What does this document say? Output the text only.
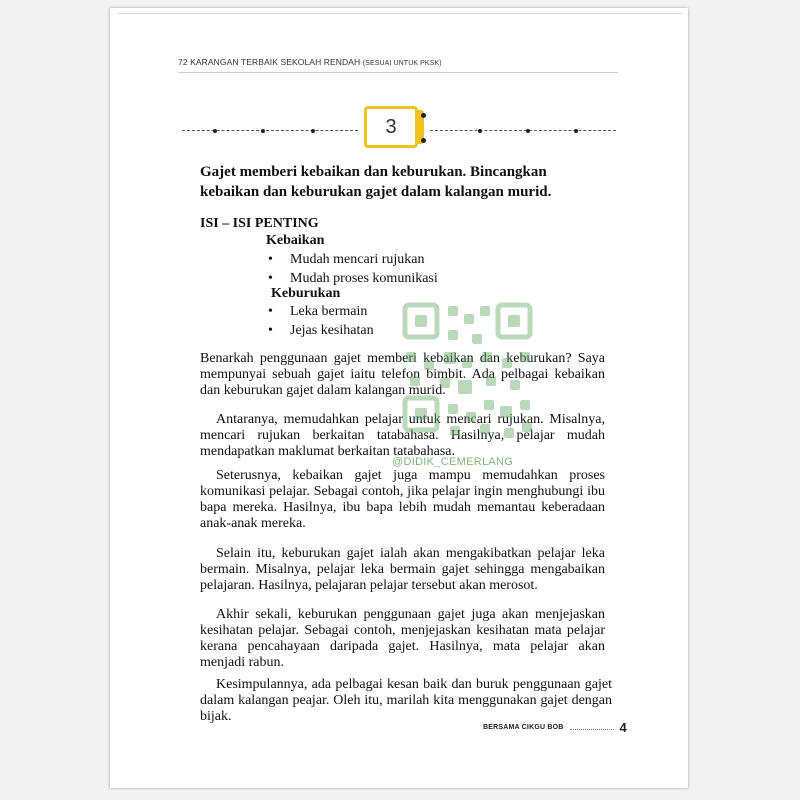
72 KARANGAN TERBAIK SEKOLAH RENDAH (SESUAI UNTUK PKSK)
3
Gajet memberi kebaikan dan keburukan. Bincangkan kebaikan dan keburukan gajet dalam kalangan murid.
ISI – ISI PENTING
Kebaikan
• Mudah mencari rujukan
• Mudah proses komunikasi
Keburukan
• Leka bermain
• Jejas kesihatan

Benarkah penggunaan gajet memberi kebaikan dan keburukan? Saya mempunyai sebuah gajet iaitu telefon bimbit. Ada pelbagai kebaikan dan keburukan gajet dalam kalangan murid.

Antaranya, memudahkan pelajar untuk mencari rujukan. Misalnya, mencari rujukan berkaitan tatabahasa. Hasilnya, pelajar mudah mendapatkan maklumat berkaitan tatabahasa.

Seterusnya, kebaikan gajet juga mampu memudahkan proses komunikasi pelajar. Sebagai contoh, jika pelajar ingin menghubungi ibu bapa mereka. Hasilnya, ibu bapa lebih mudah memantau keberadaan anak-anak mereka.

Selain itu, keburukan gajet ialah akan mengakibatkan pelajar leka bermain. Misalnya, pelajar leka bermain gajet sehingga mengabaikan pelajaran. Hasilnya, pelajaran pelajar tersebut akan merosot.

Akhir sekali, keburukan penggunaan gajet juga akan menjejaskan kesihatan pelajar. Sebagai contoh, menjejaskan kesihatan mata pelajar kerana pencahayaan daripada gajet. Hasilnya, mata pelajar akan menjadi rabun.

Kesimpulannya, ada pelbagai kesan baik dan buruk penggunaan gajet dalam kalangan peajar. Oleh itu, marilah kita menggunakan gajet dengan bijak.

@DIDIK_CEMERLANG
BERSAMA CIKGU BOB	4
